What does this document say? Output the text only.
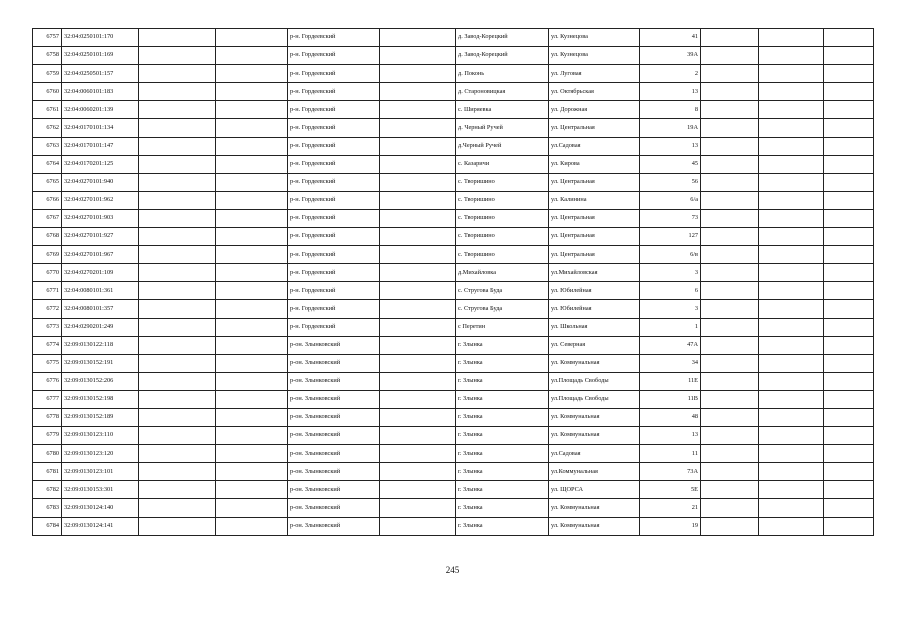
6757	32:04:0250101:170			р-н. Гордеевский		д. Завод-Корецкий	ул. Кузнецова	41			
6758	32:04:0250101:169			р-н. Гордеевский		д. Завод-Корецкий	ул. Кузнецова	39А			
6759	32:04:0250501:157			р-н. Гордеевский		д. Поконь	ул. Луговая	2			
6760	32:04:0060101:183			р-н. Гордеевский		д. Староновицкая	ул. Октябрьская	13			
6761	32:04:0060201:139			р-н. Гордеевский		с. Ширяевка	ул. Дорожная	8			
6762	32:04:0170101:134			р-н. Гордеевский		д. Черный Ручей	ул. Центральная	19А			
6763	32:04:0170101:147			р-н. Гордеевский		д.Черный Ручей	ул.Садовая	13			
6764	32:04:0170201:125			р-н. Гордеевский		с. Казаричи	ул. Кирова	45			
6765	32:04:0270101:940			р-н. Гордеевский		с. Творишино	ул. Центральная	56			
6766	32:04:0270101:962			р-н. Гордеевский		с. Творишино	ул. Калинина	6/а			
6767	32:04:0270101:903			р-н. Гордеевский		с. Творишино	ул. Центральная	73			
6768	32:04:0270101:927			р-н. Гордеевский		с. Творишино	ул. Центральная	127			
6769	32:04:0270101:967			р-н. Гордеевский		с. Творишино	ул. Центральная	6/в			
6770	32:04:0270201:109			р-н. Гордеевский		д.Михайловка	ул.Михайловская	3			
6771	32:04:0080101:361			р-н. Гордеевский		с. Струговa Буда	ул. Юбилейная	6			
6772	32:04:0080101:357			р-н. Гордеевский		с. Струговa Буда	ул. Юбилейная	3			
6773	32:04:0290201:249			р-н. Гордеевский		с Перетин	ул. Школьная	1			
6774	32:09:0130122:118			р-он. Злынковский		г. Злынка	ул. Северная	47А			
6775	32:09:0130152:191			р-он. Злынковский		г. Злынка	ул. Коммунальная	34			
6776	32:09:0130152:206			р-он. Злынковский		г. Злынка	ул.Площадь Свободы	11Е			
6777	32:09:0130152:198			р-он. Злынковский		г. Злынка	ул.Площадь Свободы	11В			
6778	32:09:0130152:189			р-он. Злынковский		г. Злынка	ул. Коммунальная	48			
6779	32:09:0130123:110			р-он. Злынковский		г. Злынка	ул. Коммунальная	13			
6780	32:09:0130123:120			р-он. Злынковский		г. Злынка	ул.Садовая	11			
6781	32:09:0130123:101			р-он. Злынковский		г. Злынка	ул.Коммунальная	73А			
6782	32:09:0130153:301			р-он. Злынковский		г. Злынка	ул. ЩОРСА	5Е			
6783	32:09:0130124:140			р-он. Злынковский		г. Злынка	ул. Коммунальная	21			
6784	32:09:0130124:141			р-он. Злынковский		г. Злынка	ул. Коммунальная	19			
245
